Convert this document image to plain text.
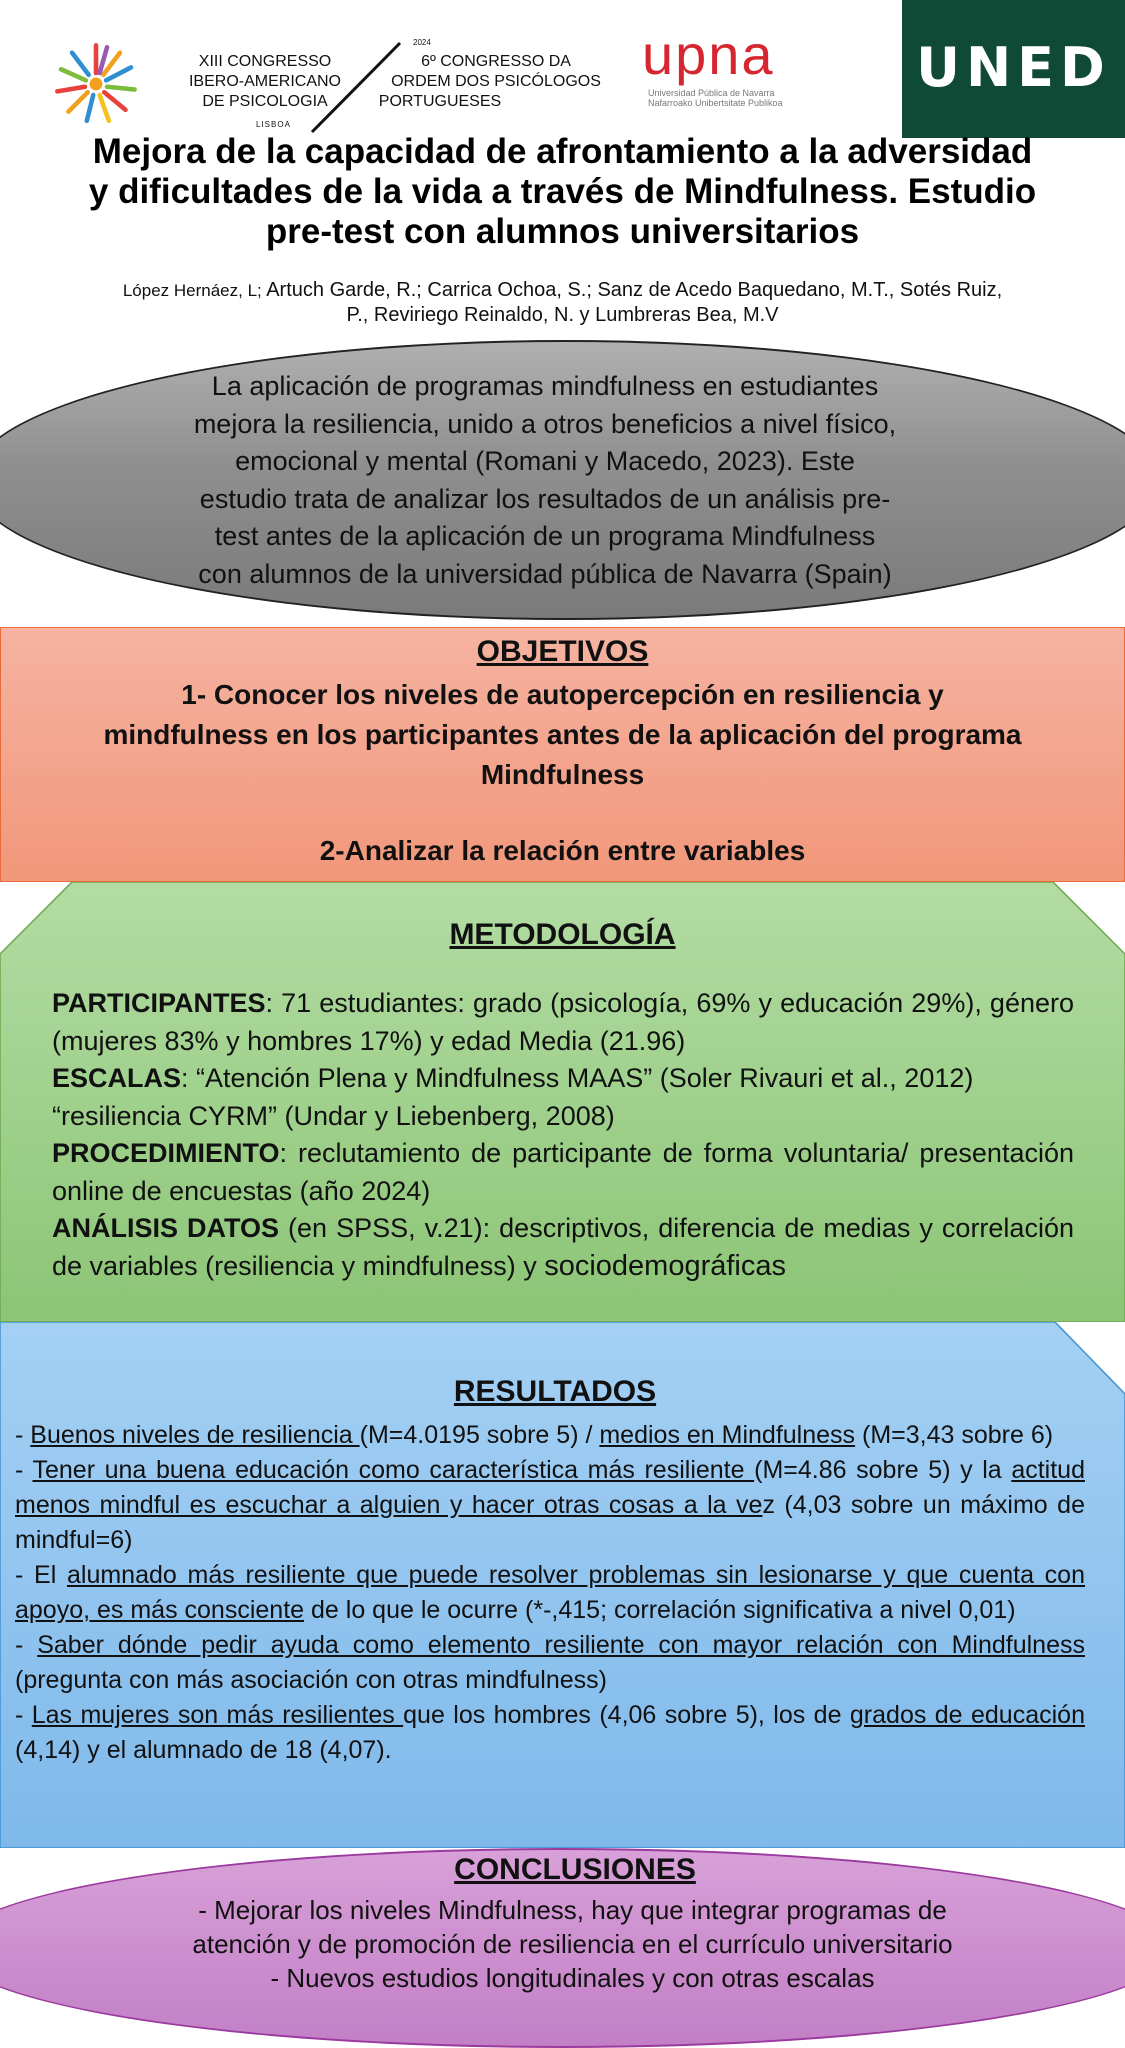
XIII CONGRESSO
IBERO-AMERICANO
DE PSICOLOGIA
LISBOA
2024
6º CONGRESSO DA
ORDEM DOS PSICÓLOGOS
PORTUGUESES
upna
Universidad Pública de Navarra
Nafarroako Unibertsitate Publikoa
UNED
Mejora de la capacidad de afrontamiento a la adversidad
y dificultades de la vida a través de Mindfulness. Estudio
pre-test con alumnos universitarios
López Hernáez, L; Artuch Garde, R.; Carrica Ochoa, S.; Sanz de Acedo Baquedano, M.T., Sotés Ruiz,
P., Reviriego Reinaldo, N. y Lumbreras Bea, M.V
La aplicación de programas mindfulness en estudiantes
mejora la resiliencia, unido a otros beneficios a nivel físico,
emocional y mental (Romani y Macedo, 2023). Este
estudio trata de analizar los resultados de un análisis pre-
test antes de la aplicación de un programa Mindfulness
con alumnos de la universidad pública de Navarra (Spain)
OBJETIVOS
1- Conocer los niveles de autopercepción en resiliencia y
mindfulness en los participantes antes de la aplicación del programa
Mindfulness
2-Analizar la relación entre variables
METODOLOGÍA

PARTICIPANTES: 71 estudiantes: grado (psicología, 69% y educación 29%), género (mujeres 83% y hombres 17%) y edad Media (21.96)

ESCALAS: “Atención Plena y Mindfulness MAAS” (Soler Rivauri et al., 2012)

“resiliencia CYRM” (Undar y Liebenberg, 2008)

PROCEDIMIENTO: reclutamiento de participante de forma voluntaria/ presentación online de encuestas (año 2024)

ANÁLISIS DATOS (en SPSS, v.21): descriptivos, diferencia de medias y correlación de variables (resiliencia y mindfulness) y sociodemográficas

RESULTADOS

- Buenos niveles de resiliencia (M=4.0195 sobre 5) / medios en Mindfulness (M=3,43 sobre 6)

- Tener una buena educación como característica más resiliente (M=4.86 sobre 5) y la actitud menos mindful es escuchar a alguien y hacer otras cosas a la vez (4,03 sobre un máximo de mindful=6)

- El alumnado más resiliente que puede resolver problemas sin lesionarse y que cuenta con apoyo, es más consciente de lo que le ocurre (*-,415; correlación significativa a nivel 0,01)

- Saber dónde pedir ayuda como elemento resiliente con mayor relación con Mindfulness (pregunta con más asociación con otras mindfulness)

- Las mujeres son más resilientes que los hombres (4,06 sobre 5), los de grados de educación (4,14) y el alumnado de 18 (4,07).

CONCLUSIONES
- Mejorar los niveles Mindfulness, hay que integrar programas de
atención y de promoción de resiliencia en el currículo universitario
- Nuevos estudios longitudinales y con otras escalas
